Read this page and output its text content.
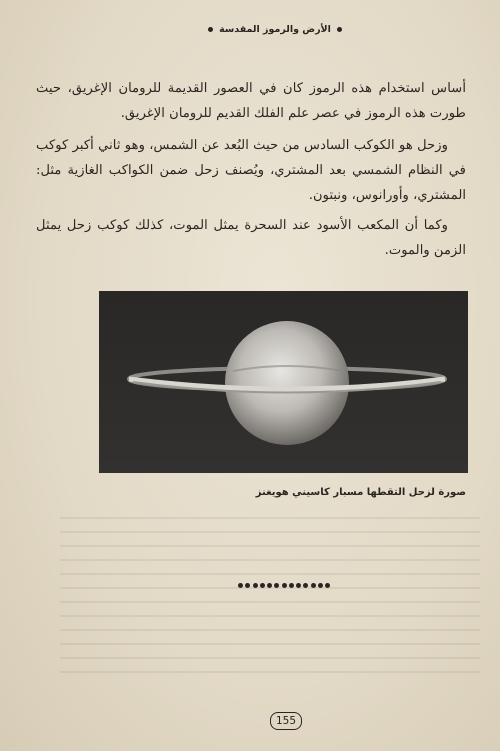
الأرض والرموز المقدسة

أساس استخدام هذه الرموز كان في العصور القديمة للرومان الإغريق، حيث طورت هذه الرموز في عصر علم الفلك القديم للرومان الإغريق.

وزحل هو الكوكب السادس من حيث البُعد عن الشمس، وهو ثاني أكبر كوكب في النظام الشمسي بعد المشتري، ويُصنف زحل ضمن الكواكب الغازية مثل: المشتري، وأورانوس، ونبتون.

وكما أن المكعب الأسود عند السحرة يمثل الموت، كذلك كوكب زحل يمثل الزمن والموت.

صورة لزحل التقطها مسبار كاسيني هويغنز
155
